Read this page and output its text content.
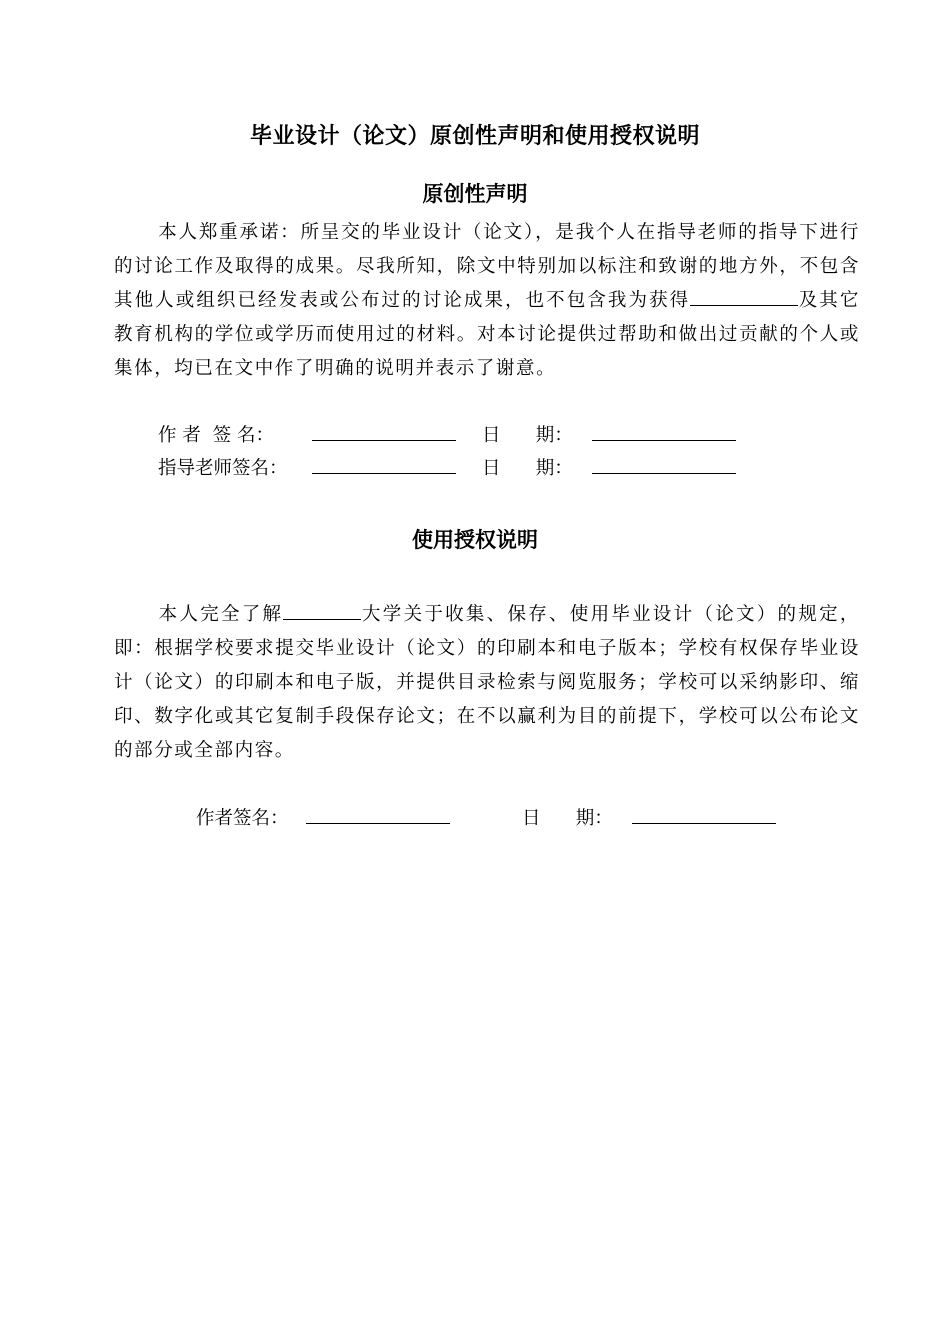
毕业设计（论文）原创性声明和使用授权说明
原创性声明
本人郑重承诺：所呈交的毕业设计（论文），是我个人在指导老师的指导下进行的讨论工作及取得的成果。尽我所知，除文中特别加以标注和致谢的地方外，不包含其他人或组织已经发表或公布过的讨论成果，也不包含我为获得	及其它教育机构的学位或学历而使用过的材料。对本讨论提供过帮助和做出过贡献的个人或集体，均已在文中作了明确的说明并表示了谢意。
作 者  签 名：	日      期：
指导老师签名：	日      期：
使用授权说明
本人完全了解	大学关于收集、保存、使用毕业设计（论文）的规定，即：根据学校要求提交毕业设计（论文）的印刷本和电子版本；学校有权保存毕业设计（论文）的印刷本和电子版，并提供目录检索与阅览服务；学校可以采纳影印、缩印、数字化或其它复制手段保存论文；在不以赢利为目的前提下，学校可以公布论文的部分或全部内容。
作者签名：	日      期：
